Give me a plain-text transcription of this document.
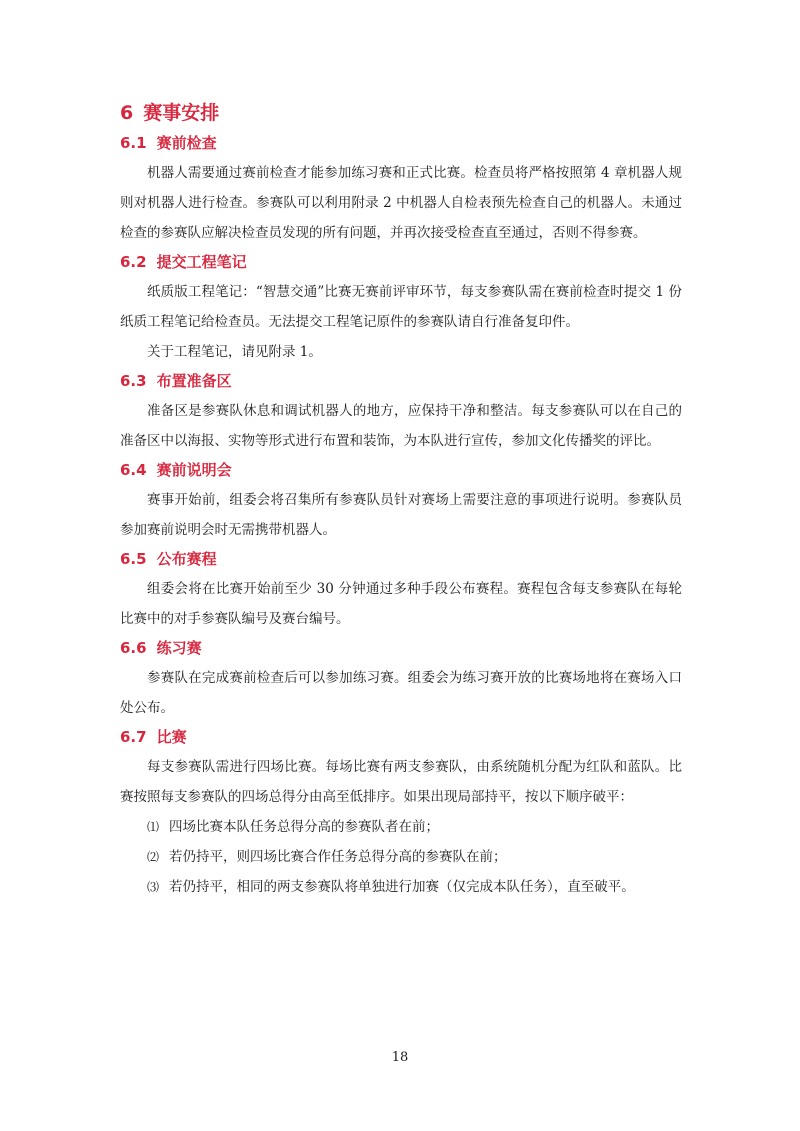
6 赛事安排
6.1 赛前检查

机器人需要通过赛前检查才能参加练习赛和正式比赛。检查员将严格按照第 4 章机器人规则对机器人进行检查。参赛队可以利用附录 2 中机器人自检表预先检查自己的机器人。未通过检查的参赛队应解决检查员发现的所有问题，并再次接受检查直至通过，否则不得参赛。

6.2 提交工程笔记

纸质版工程笔记：“智慧交通”比赛无赛前评审环节，每支参赛队需在赛前检查时提交 1 份纸质工程笔记给检查员。无法提交工程笔记原件的参赛队请自行准备复印件。

关于工程笔记，请见附录 1。

6.3 布置准备区

准备区是参赛队休息和调试机器人的地方，应保持干净和整洁。每支参赛队可以在自己的准备区中以海报、实物等形式进行布置和装饰，为本队进行宣传，参加文化传播奖的评比。

6.4 赛前说明会

赛事开始前，组委会将召集所有参赛队员针对赛场上需要注意的事项进行说明。参赛队员参加赛前说明会时无需携带机器人。

6.5 公布赛程

组委会将在比赛开始前至少 30 分钟通过多种手段公布赛程。赛程包含每支参赛队在每轮比赛中的对手参赛队编号及赛台编号。

6.6 练习赛

参赛队在完成赛前检查后可以参加练习赛。组委会为练习赛开放的比赛场地将在赛场入口处公布。

6.7 比赛

每支参赛队需进行四场比赛。每场比赛有两支参赛队，由系统随机分配为红队和蓝队。比赛按照每支参赛队的四场总得分由高至低排序。如果出现局部持平，按以下顺序破平：

⑴ 四场比赛本队任务总得分高的参赛队者在前；
⑵ 若仍持平，则四场比赛合作任务总得分高的参赛队在前；
⑶ 若仍持平，相同的两支参赛队将单独进行加赛（仅完成本队任务），直至破平。
18
